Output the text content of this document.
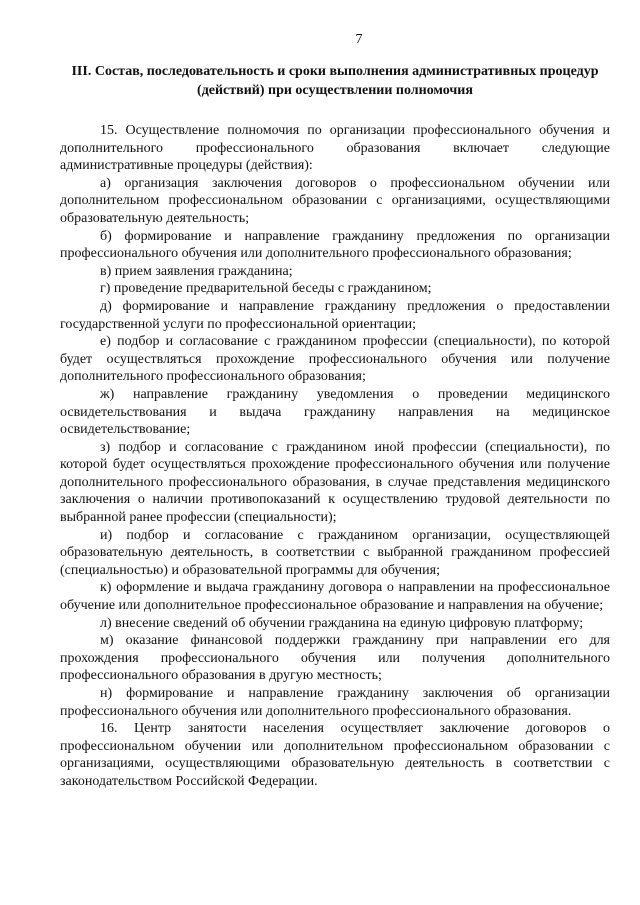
7
III. Состав, последовательность и сроки выполнения административных процедур (действий) при осуществлении полномочия

15. Осуществление полномочия по организации профессионального обучения и дополнительного профессионального образования включает следующие административные процедуры (действия):

а) организация заключения договоров о профессиональном обучении или дополнительном профессиональном образовании с организациями, осуществляющими образовательную деятельность;

б) формирование и направление гражданину предложения по организации профессионального обучения или дополнительного профессионального образования;

в) прием заявления гражданина;

г) проведение предварительной беседы с гражданином;

д) формирование и направление гражданину предложения о предоставлении государственной услуги по профессиональной ориентации;

е) подбор и согласование с гражданином профессии (специальности), по которой будет осуществляться прохождение профессионального обучения или получение дополнительного профессионального образования;

ж) направление гражданину уведомления о проведении медицинского освидетельствования и выдача гражданину направления на медицинское освидетельствование;

з) подбор и согласование с гражданином иной профессии (специальности), по которой будет осуществляться прохождение профессионального обучения или получение дополнительного профессионального образования, в случае представления медицинского заключения о наличии противопоказаний к осуществлению трудовой деятельности по выбранной ранее профессии (специальности);

и) подбор и согласование с гражданином организации, осуществляющей образовательную деятельность, в соответствии с выбранной гражданином профессией (специальностью) и образовательной программы для обучения;

к) оформление и выдача гражданину договора о направлении на профессиональное обучение или дополнительное профессиональное образование и направления на обучение;

л) внесение сведений об обучении гражданина на единую цифровую платформу;

м) оказание финансовой поддержки гражданину при направлении его для прохождения профессионального обучения или получения дополнительного профессионального образования в другую местность;

н) формирование и направление гражданину заключения об организации профессионального обучения или дополнительного профессионального образования.

16. Центр занятости населения осуществляет заключение договоров о профессиональном обучении или дополнительном профессиональном образовании с организациями, осуществляющими образовательную деятельность в соответствии с законодательством Российской Федерации.
